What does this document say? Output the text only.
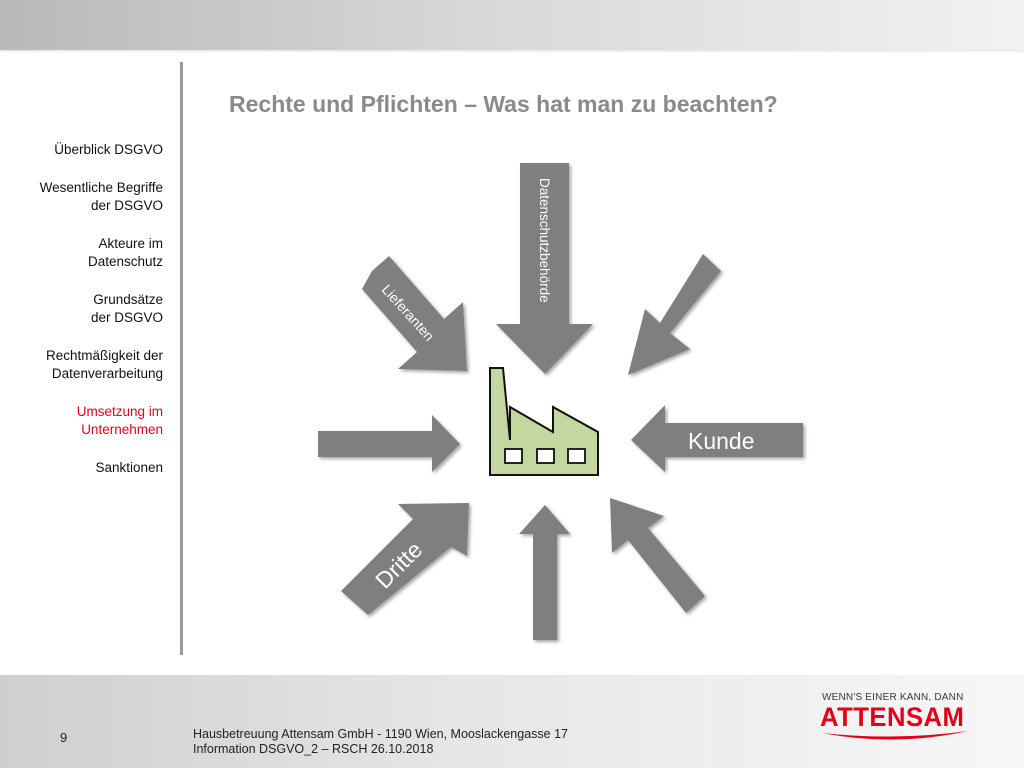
Rechte und Pflichten – Was hat man zu beachten?
Überblick DSGVO
Wesentliche Begriffe
der DSGVO
Akteure im
Datenschutz
Grundsätze
der DSGVO
Rechtmäßigkeit der
Datenverarbeitung
Umsetzung im
Unternehmen
Sanktionen
Datenschutzbehörde
Lieferanten
Kunde
Dritte
9	Hausbetreuung Attensam GmbH - 1190 Wien, Mooslackengasse 17
Information DSGVO_2 – RSCH 26.10.2018
WENN'S EINER KANN, DANN
ATTENSAM
